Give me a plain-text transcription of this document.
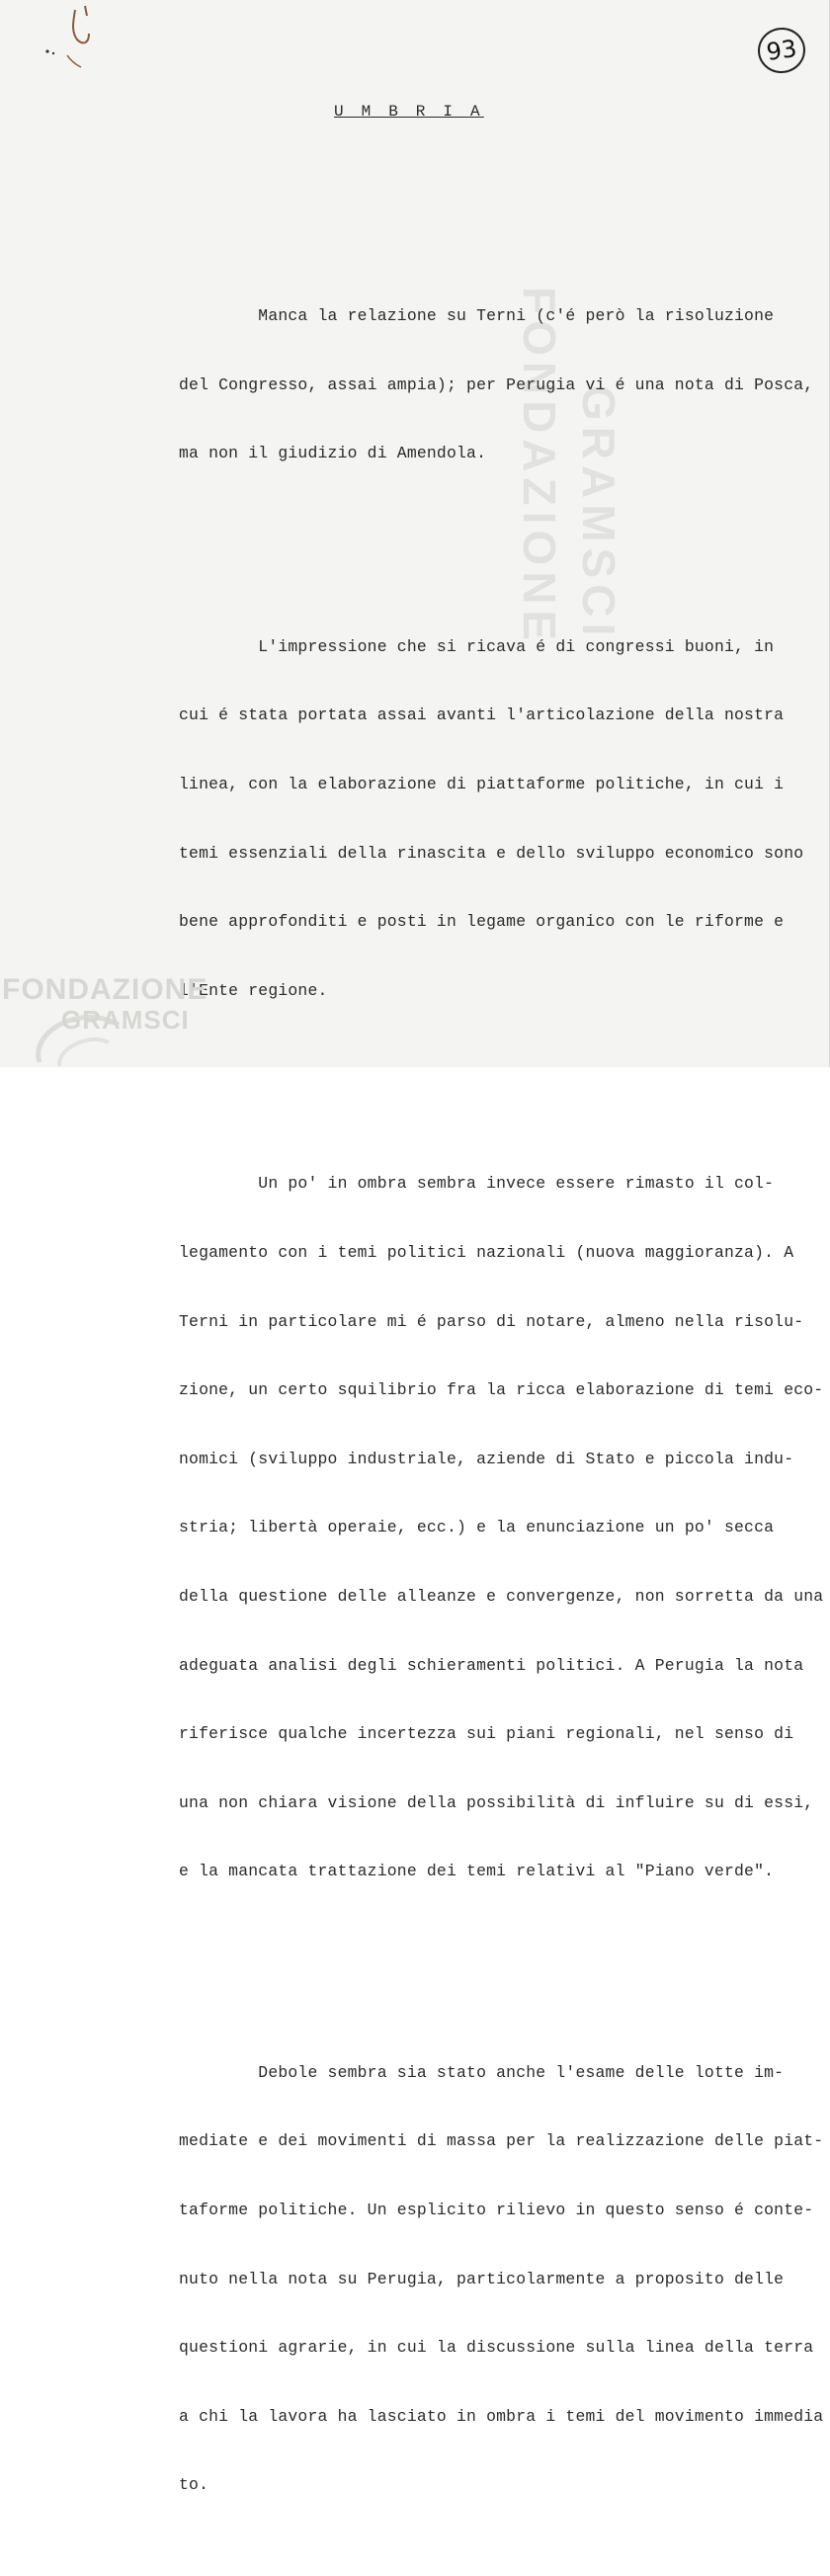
93
FONDAZIONE GRAMSCI
U M B R I A

Manca la relazione su Terni (c'é però la risoluzione

del Congresso, assai ampia); per Perugia vi é una nota di Posca,

ma non il giudizio di Amendola.

L'impressione che si ricava é di congressi buoni, in

cui é stata portata assai avanti l'articolazione della nostra

linea, con la elaborazione di piattaforme politiche, in cui i

temi essenziali della rinascita e dello sviluppo economico sono

bene approfonditi e posti in legame organico con le riforme e

l'Ente regione.

Un po' in ombra sembra invece essere rimasto il col-

legamento con i temi politici nazionali (nuova maggioranza). A

Terni in particolare mi é parso di notare, almeno nella risolu-

zione, un certo squilibrio fra la ricca elaborazione di temi eco-

nomici (sviluppo industriale, aziende di Stato e piccola indu-

stria; libertà operaie, ecc.) e la enunciazione un po' secca

della questione delle alleanze e convergenze, non sorretta da una

adeguata analisi degli schieramenti politici. A Perugia la nota

riferisce qualche incertezza sui piani regionali, nel senso di

una non chiara visione della possibilità di influire su di essi,

e la mancata trattazione dei temi relativi al "Piano verde".

Debole sembra sia stato anche l'esame delle lotte im-

mediate e dei movimenti di massa per la realizzazione delle piat-

taforme politiche. Un esplicito rilievo in questo senso é conte-

nuto nella nota su Perugia, particolarmente a proposito delle

questioni agrarie, in cui la discussione sulla linea della terra

a chi la lavora ha lasciato in ombra i temi del movimento immedia

to.

FONDAZIONE
GRAMSCI
